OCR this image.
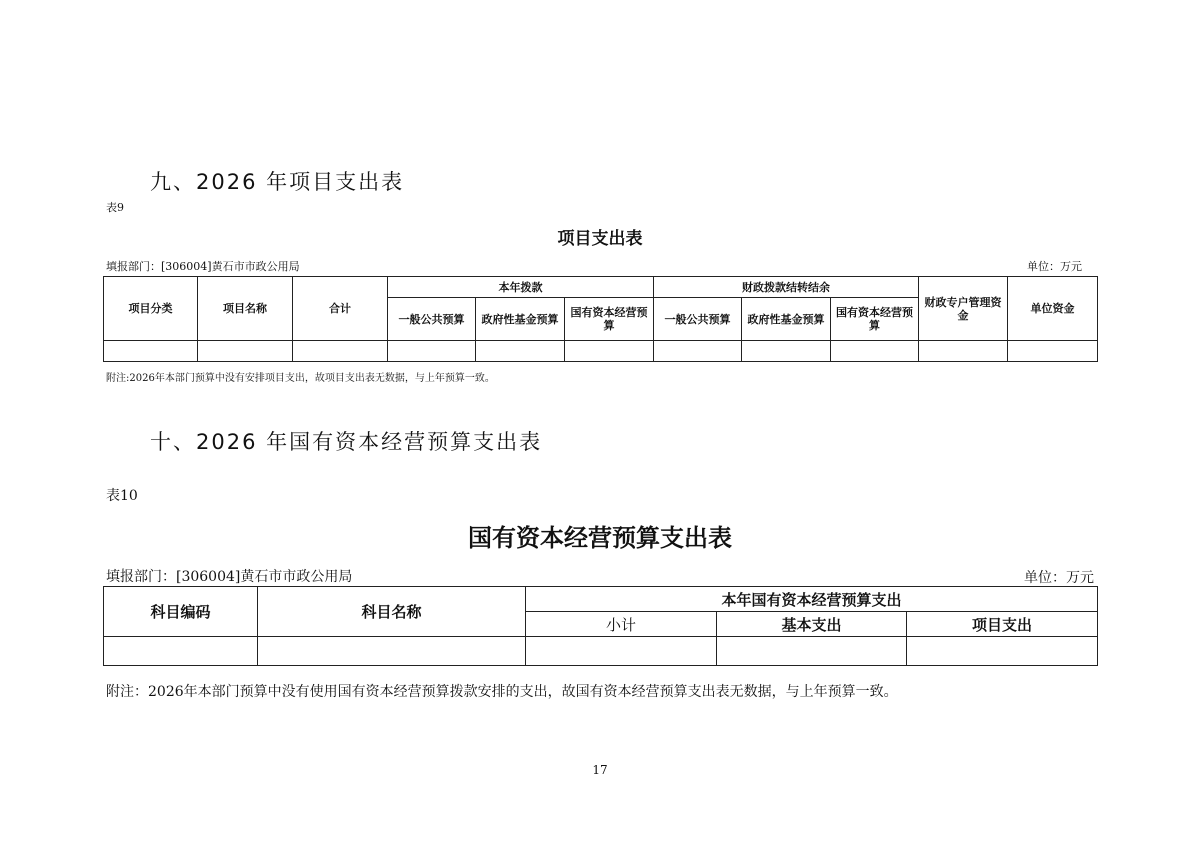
九、2026 年项目支出表
表9
项目支出表
填报部门：[306004]黄石市市政公用局	单位：万元
项目分类	项目名称	合计	本年拨款			财政拨款结转结余			财政专户管理资金	单位资金
			一般公共预算	政府性基金预算	国有资本经营预算	一般公共预算	政府性基金预算	国有资本经营预算		

附注:2026年本部门预算中没有安排项目支出，故项目支出表无数据，与上年预算一致。
十、2026 年国有资本经营预算支出表
表10
国有资本经营预算支出表
填报部门：[306004]黄石市市政公用局	单位：万元
科目编码	科目名称	本年国有资本经营预算支出		
		小计	基本支出	项目支出

附注：2026年本部门预算中没有使用国有资本经营预算拨款安排的支出，故国有资本经营预算支出表无数据，与上年预算一致。
17
